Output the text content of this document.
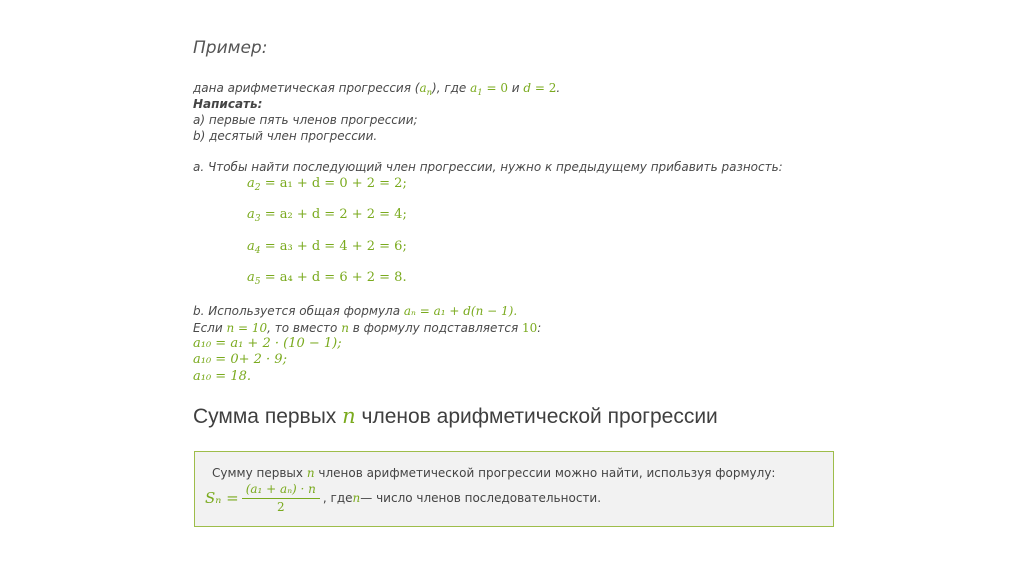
Пример:
дана арифметическая прогрессия $(a_n)$, где $a_1 = 0$ и d = 2.
Написать:
a) первые пять членов прогрессии;
b) десятый член прогрессии.
a. Чтобы найти последующий член прогрессии, нужно к предыдущему прибавить разность:
$a_2 = a_1 + d = 0 + 2 = 2$;
$a_3 = a_2 + d = 2 + 2 = 4$;
$a_4 = a_3 + d = 4 + 2 = 6$;
$a_5 = a_4 + d = 6 + 2 = 8$.
b. Используется общая формула aₙ = a₁ + d(n − 1).
Если n = 10, то вместо n в формулу подставляется 10:
a₁₀ = a₁ + 2 · (10 − 1);
a₁₀ = 0+ 2 · 9;
a₁₀ = 18.
Сумма первых n членов арифметической прогрессии
Сумму первых n членов арифметической прогрессии можно найти, используя формулу:
$S_n = \frac{\text{(a₁ + aₙ) · n}}{2}$ , где n — число членов последовательности.
